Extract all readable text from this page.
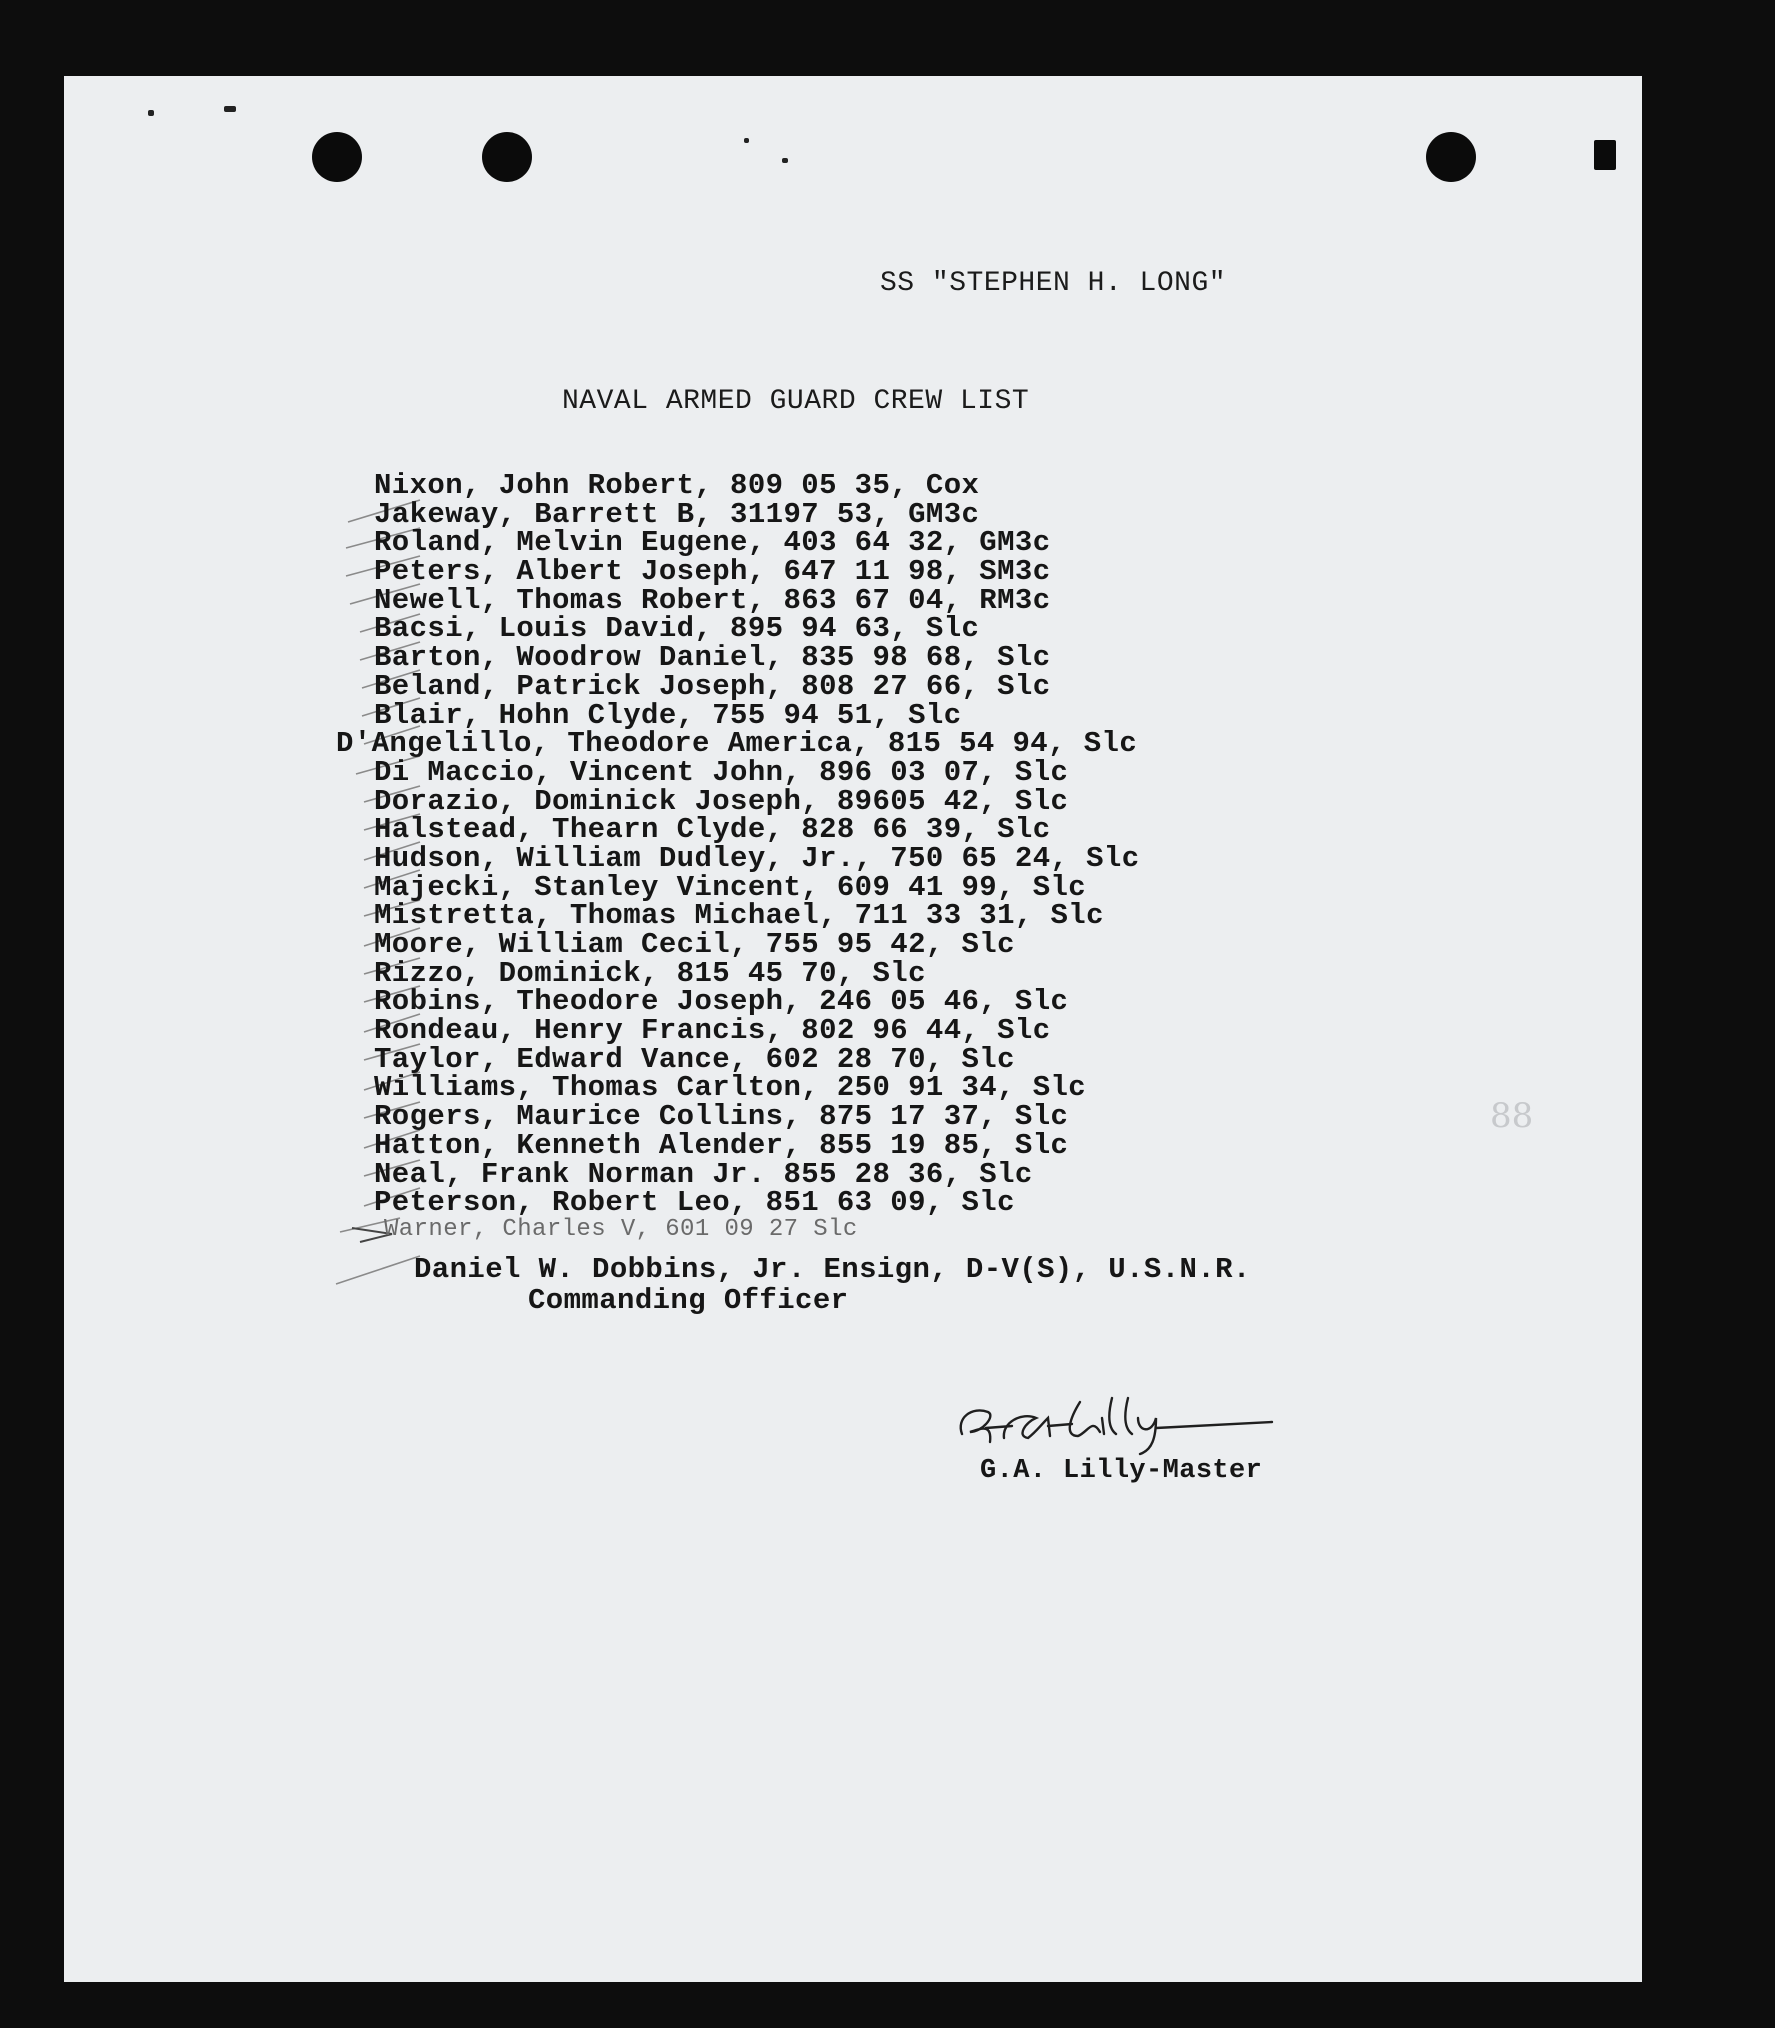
SS "STEPHEN H. LONG"
NAVAL ARMED GUARD CREW LIST
Nixon, John Robert, 809 05 35, Cox
Jakeway, Barrett B, 31197 53, GM3c
Roland, Melvin Eugene, 403 64 32, GM3c
Peters, Albert Joseph, 647 11 98, SM3c
Newell, Thomas Robert, 863 67 04, RM3c
Bacsi, Louis David, 895 94 63, Slc
Barton, Woodrow Daniel, 835 98 68, Slc
Beland, Patrick Joseph, 808 27 66, Slc
Blair, Hohn Clyde, 755 94 51, Slc
D'Angelillo, Theodore America, 815 54 94, Slc
Di Maccio, Vincent John, 896 03 07, Slc
Dorazio, Dominick Joseph, 89605 42, Slc
Halstead, Thearn Clyde, 828 66 39, Slc
Hudson, William Dudley, Jr., 750 65 24, Slc
Majecki, Stanley Vincent, 609 41 99, Slc
Mistretta, Thomas Michael, 711 33 31, Slc
Moore, William Cecil, 755 95 42, Slc
Rizzo, Dominick, 815 45 70, Slc
Robins, Theodore Joseph, 246 05 46, Slc
Rondeau, Henry Francis, 802 96 44, Slc
Taylor, Edward Vance, 602 28 70, Slc
Williams, Thomas Carlton, 250 91 34, Slc
Rogers, Maurice Collins, 875 17 37, Slc
Hatton, Kenneth Alender, 855 19 85, Slc
Neal, Frank Norman Jr. 855 28 36, Slc
Peterson, Robert Leo, 851 63 09, Slc
Warner, Charles V, 601 09 27 Slc
Daniel W. Dobbins, Jr. Ensign, D-V(S), U.S.N.R.
Commanding Officer
G.A. Lilly-Master
88
